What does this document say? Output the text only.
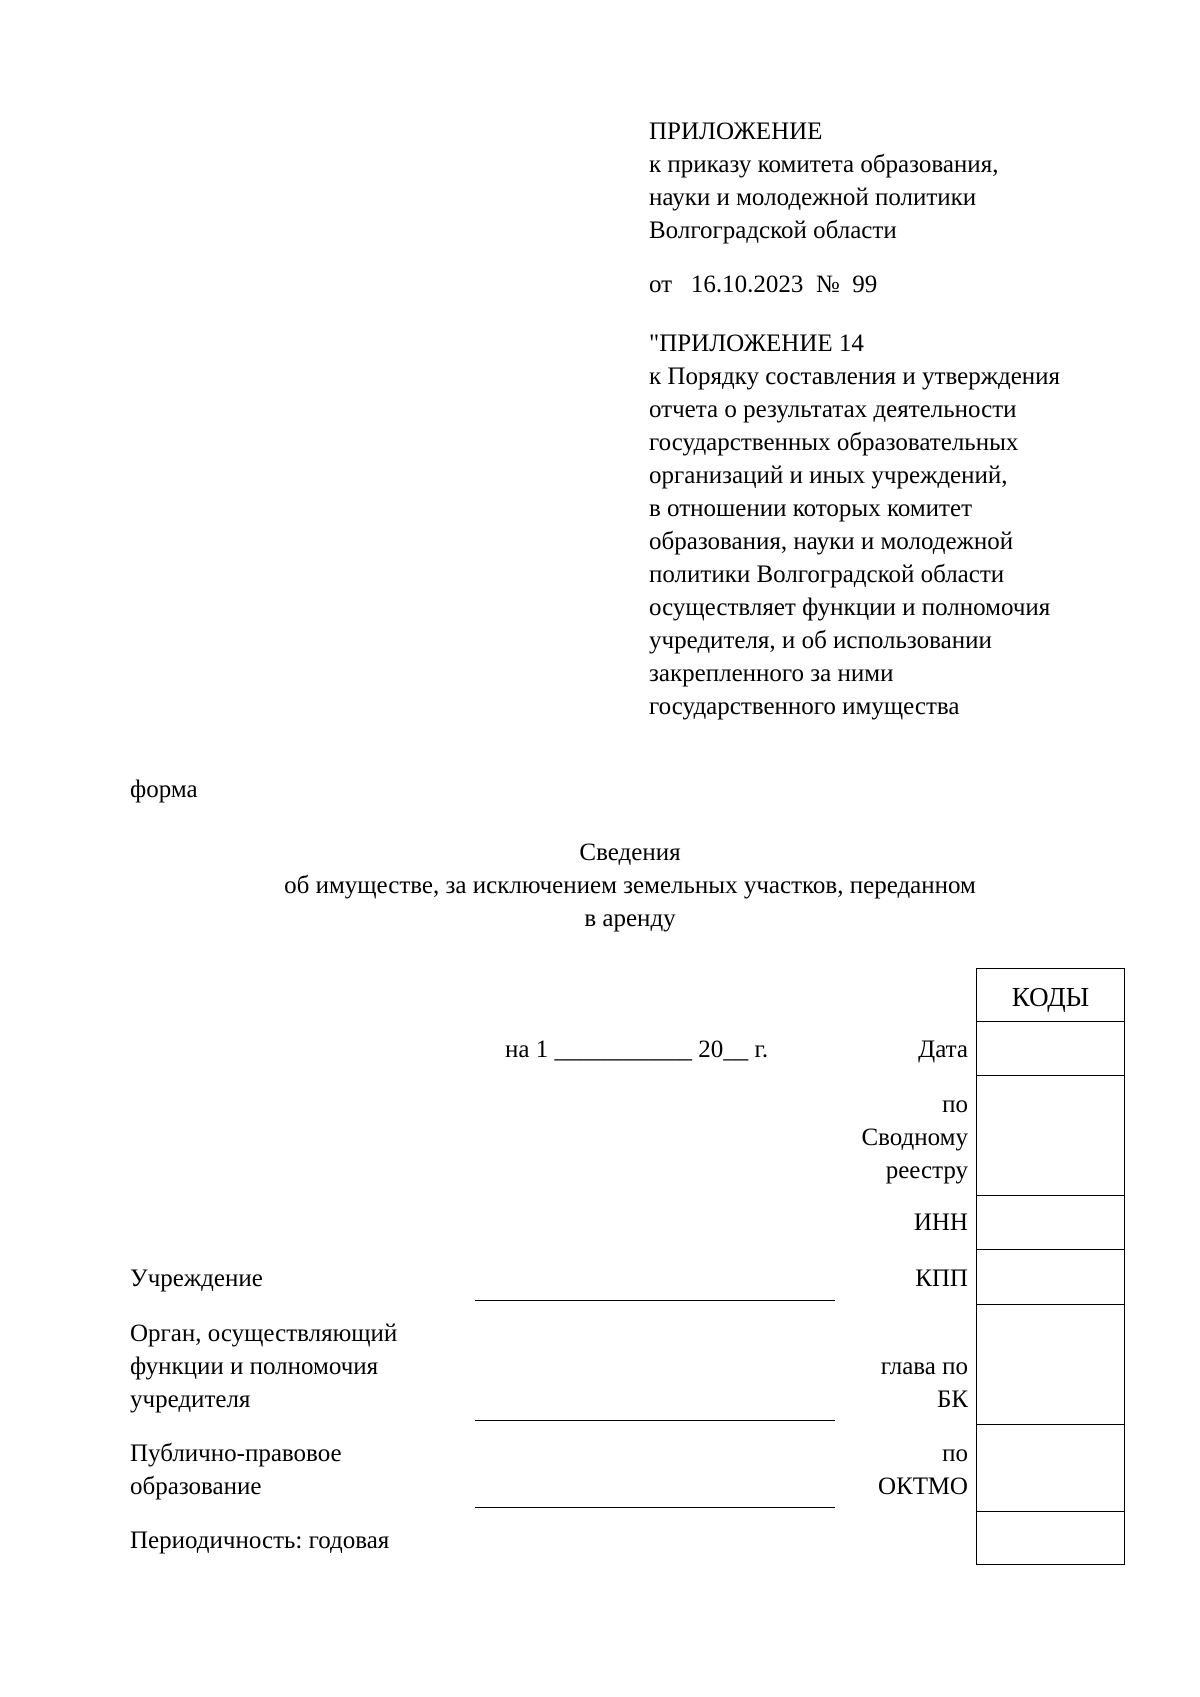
ПРИЛОЖЕНИЕ
к приказу комитета образования,
науки и молодежной политики
Волгоградской области
от 16.10.2023 № 99
"ПРИЛОЖЕНИЕ 14
к Порядку составления и утверждения
отчета о результатах деятельности
государственных образовательных
организаций и иных учреждений,
в отношении которых комитет
образования, науки и молодежной
политики Волгоградской области
осуществляет функции и полномочия
учредителя, и об использовании
закрепленного за ними
государственного имущества
форма
Сведения
об имуществе, за исключением земельных участков, переданном
в аренду
КОДЫ
на 1 ___________ 20__ г.	Дата
по
Сводному
реестру
ИНН
КПП
глава по
БК
по
ОКТМО
Учреждение
Орган, осуществляющий
функции и полномочия
учредителя
Публично-правовое
образование
Периодичность: годовая
